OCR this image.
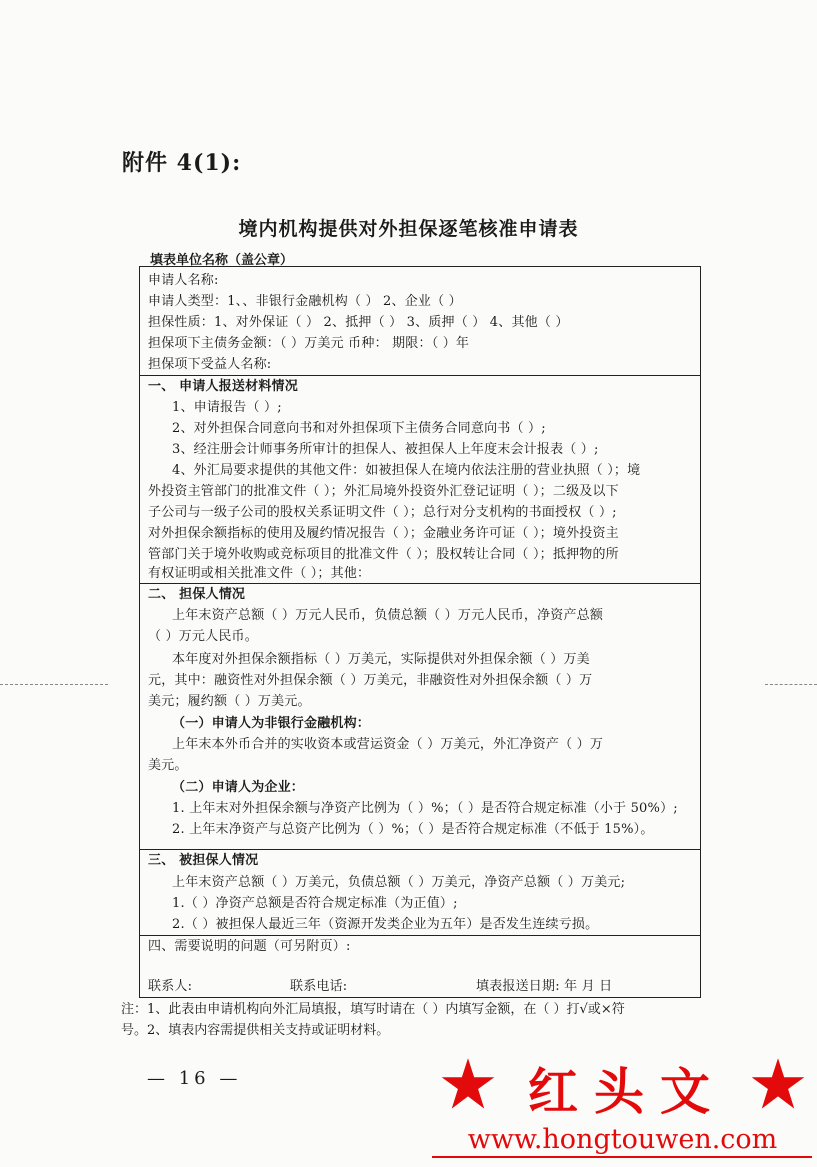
附件 4(1):
境内机构提供对外担保逐笔核准申请表
填表单位名称（盖公章）
申请人名称:
申请人类型：1、、非银行金融机构（ ） 2、企业（ ）
担保性质：1、对外保证（ ） 2、抵押（ ） 3、质押（ ） 4、其他（ ）
担保项下主债务金额：（ ）万美元 币种： 期限：（ ）年
担保项下受益人名称:
一、 申请人报送材料情况
1、申请报告（ ）;
2、对外担保合同意向书和对外担保项下主债务合同意向书（ ）;
3、经注册会计师事务所审计的担保人、被担保人上年度末会计报表（ ）;
4、外汇局要求提供的其他文件：如被担保人在境内依法注册的营业执照（ ）；境
外投资主管部门的批准文件（ ）；外汇局境外投资外汇登记证明（ ）；二级及以下
子公司与一级子公司的股权关系证明文件（ ）；总行对分支机构的书面授权（ ）;
对外担保余额指标的使用及履约情况报告（ ）；金融业务许可证（ ）；境外投资主
管部门关于境外收购或竞标项目的批准文件（ ）；股权转让合同（ ）；抵押物的所
有权证明或相关批准文件（ ）；其他：
二、 担保人情况
上年末资产总额（ ）万元人民币，负债总额（ ）万元人民币，净资产总额
（ ）万元人民币。
本年度对外担保余额指标（ ）万美元，实际提供对外担保余额（ ）万美
元，其中：融资性对外担保余额（ ）万美元，非融资性对外担保余额（ ）万
美元；履约额（ ）万美元。
（一）申请人为非银行金融机构：
上年末本外币合并的实收资本或营运资金（ ）万美元，外汇净资产（ ）万
美元。
（二）申请人为企业：
1. 上年末对外担保余额与净资产比例为（ ）%；（ ）是否符合规定标准（小于 50%）;
2. 上年末净资产与总资产比例为（ ）%；（ ）是否符合规定标准（不低于 15%）。
三、 被担保人情况
上年末资产总额（ ）万美元，负债总额（ ）万美元，净资产总额（ ）万美元;
1.（ ）净资产总额是否符合规定标准（为正值）;
2.（ ）被担保人最近三年（资源开发类企业为五年）是否发生连续亏损。
四、需要说明的问题（可另附页）:
联系人:	联系电话:	填表报送日期: 年 月 日
注：1、此表由申请机构向外汇局填报，填写时请在（ ）内填写金额，在（ ）打√或×符
号。2、填表内容需提供相关支持或证明材料。
— 16 —	红头文
www.hongtouwen.com
